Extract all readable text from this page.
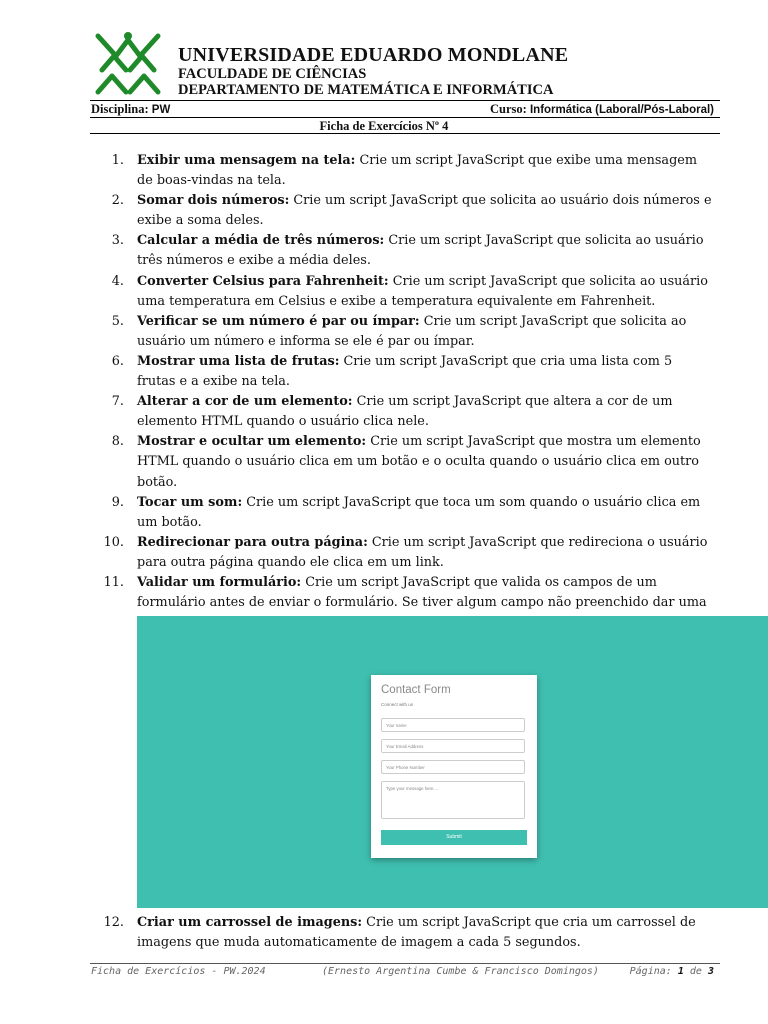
UNIVERSIDADE EDUARDO MONDLANE
FACULDADE DE CIÊNCIAS
DEPARTAMENTO DE MATEMÁTICA E INFORMÁTICA
Disciplina: PW	Curso: Informática (Laboral/Pós-Laboral)
Ficha de Exercícios Nº 4
1. Exibir uma mensagem na tela: Crie um script JavaScript que exibe uma mensagem de boas-vindas na tela.
2. Somar dois números: Crie um script JavaScript que solicita ao usuário dois números e exibe a soma deles.
3. Calcular a média de três números: Crie um script JavaScript que solicita ao usuário três números e exibe a média deles.
4. Converter Celsius para Fahrenheit: Crie um script JavaScript que solicita ao usuário uma temperatura em Celsius e exibe a temperatura equivalente em Fahrenheit.
5. Verificar se um número é par ou ímpar: Crie um script JavaScript que solicita ao usuário um número e informa se ele é par ou ímpar.
6. Mostrar uma lista de frutas: Crie um script JavaScript que cria uma lista com 5 frutas e a exibe na tela.
7. Alterar a cor de um elemento: Crie um script JavaScript que altera a cor de um elemento HTML quando o usuário clica nele.
8. Mostrar e ocultar um elemento: Crie um script JavaScript que mostra um elemento HTML quando o usuário clica em um botão e o oculta quando o usuário clica em outro botão.
9. Tocar um som: Crie um script JavaScript que toca um som quando o usuário clica em um botão.
10. Redirecionar para outra página: Crie um script JavaScript que redireciona o usuário para outra página quando ele clica em um link.
11. Validar um formulário: Crie um script JavaScript que valida os campos de um formulário antes de enviar o formulário. Se tiver algum campo não preenchido dar uma
Contact Form
Connect with us
Your name
Your Email Address
Your Phone Number
Type your message here....
Submit
12.	Criar um carrossel de imagens: Crie um script JavaScript que cria um carrossel de imagens que muda automaticamente de imagem a cada 5 segundos.
Ficha de Exercícios - PW.2024	(Ernesto Argentina Cumbe & Francisco Domingos)	Página: 1 de 3
